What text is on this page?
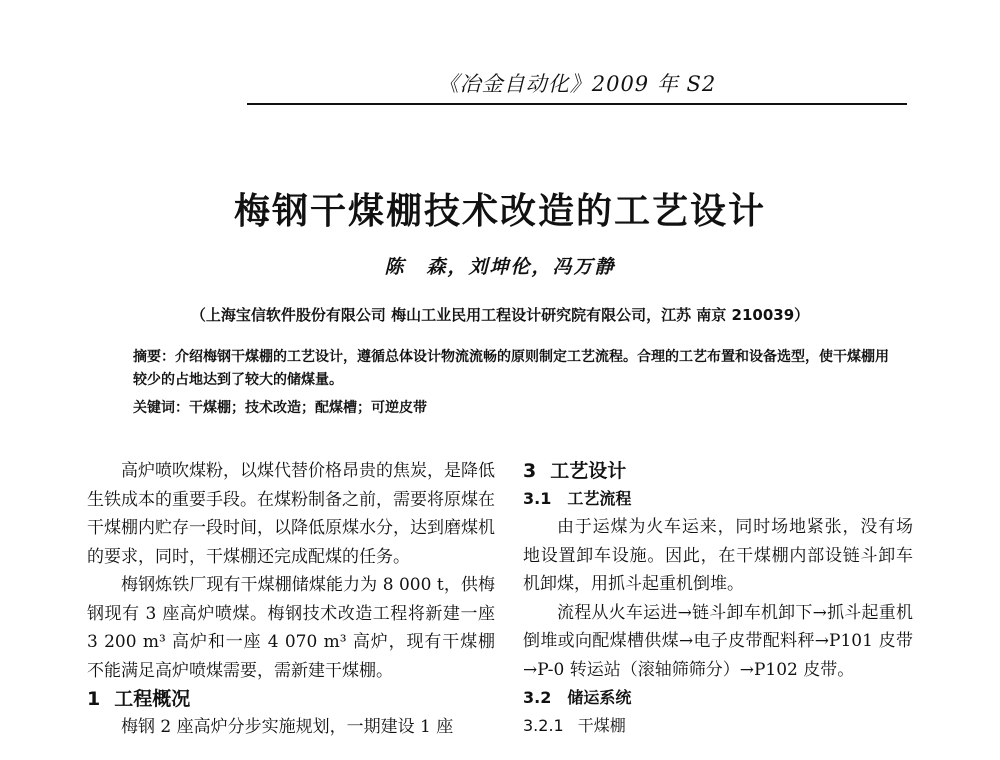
《冶金自动化》2009 年 S2
梅钢干煤棚技术改造的工艺设计
陈　森，刘坤伦，冯万静
（上海宝信软件股份有限公司 梅山工业民用工程设计研究院有限公司，江苏 南京 210039）
摘要：介绍梅钢干煤棚的工艺设计，遵循总体设计物流流畅的原则制定工艺流程。合理的工艺布置和设备选型，使干煤棚用较少的占地达到了较大的储煤量。
关键词：干煤棚；技术改造；配煤槽；可逆皮带

高炉喷吹煤粉，以煤代替价格昂贵的焦炭，是降低生铁成本的重要手段。在煤粉制备之前，需要将原煤在干煤棚内贮存一段时间，以降低原煤水分，达到磨煤机的要求，同时，干煤棚还完成配煤的任务。

梅钢炼铁厂现有干煤棚储煤能力为 8 000 t，供梅钢现有 3 座高炉喷煤。梅钢技术改造工程将新建一座 3 200 m³ 高炉和一座 4 070 m³ 高炉，现有干煤棚不能满足高炉喷煤需要，需新建干煤棚。

1 工程概况

梅钢 2 座高炉分步实施规划，一期建设 1 座

3 工艺设计
3.1 工艺流程

由于运煤为火车运来，同时场地紧张，没有场地设置卸车设施。因此，在干煤棚内部设链斗卸车机卸煤，用抓斗起重机倒堆。

流程从火车运进→链斗卸车机卸下→抓斗起重机倒堆或向配煤槽供煤→电子皮带配料秤→P101 皮带→P-0 转运站（滚轴筛筛分）→P102 皮带。

3.2 储运系统
3.2.1 干煤棚
